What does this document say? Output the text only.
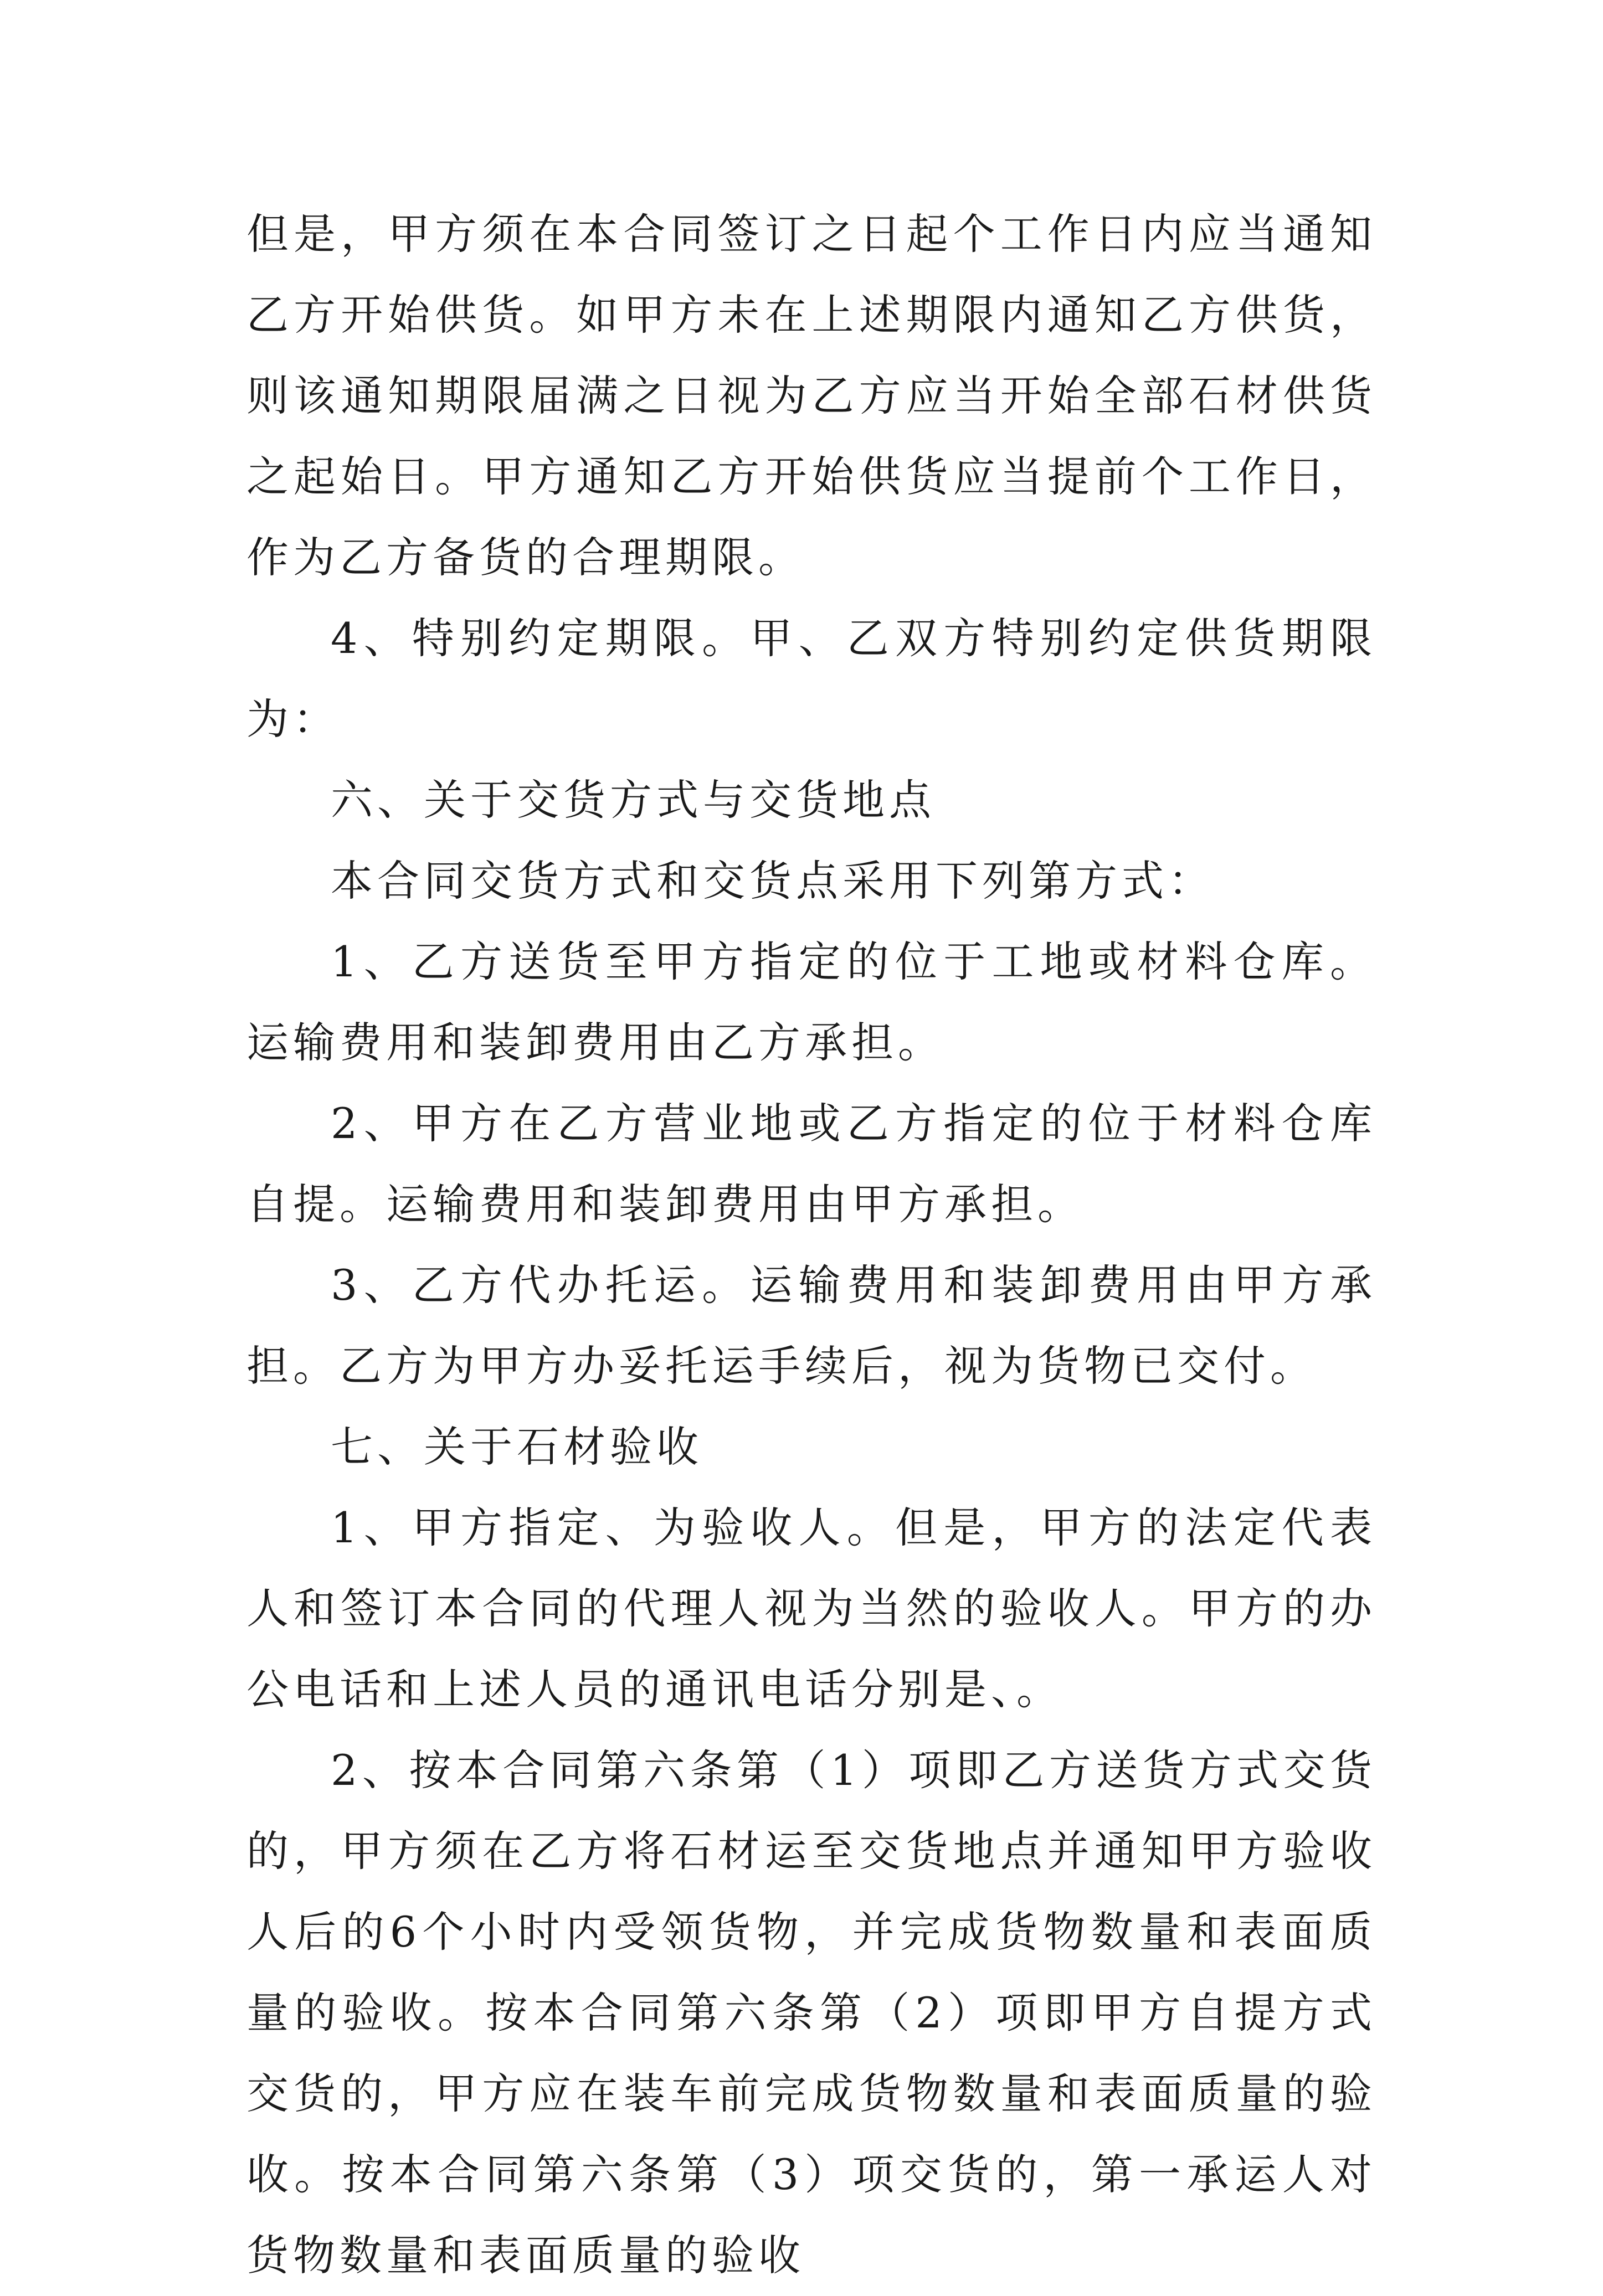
但是，甲方须在本合同签订之日起个工作日内应当通知乙方开始供货。如甲方未在上述期限内通知乙方供货，则该通知期限届满之日视为乙方应当开始全部石材供货之起始日。甲方通知乙方开始供货应当提前个工作日，作为乙方备货的合理期限。

4、特别约定期限。甲、乙双方特别约定供货期限为：

六、关于交货方式与交货地点

本合同交货方式和交货点采用下列第方式：

1、乙方送货至甲方指定的位于工地或材料仓库。运输费用和装卸费用由乙方承担。

2、甲方在乙方营业地或乙方指定的位于材料仓库自提。运输费用和装卸费用由甲方承担。

3、乙方代办托运。运输费用和装卸费用由甲方承担。乙方为甲方办妥托运手续后，视为货物已交付。

七、关于石材验收

1、甲方指定、为验收人。但是，甲方的法定代表人和签订本合同的代理人视为当然的验收人。甲方的办公电话和上述人员的通讯电话分别是、。

2、按本合同第六条第（1）项即乙方送货方式交货的，甲方须在乙方将石材运至交货地点并通知甲方验收人后的6个小时内受领货物，并完成货物数量和表面质量的验收。按本合同第六条第（2）项即甲方自提方式交货的，甲方应在装车前完成货物数量和表面质量的验收。按本合同第六条第（3）项交货的，第一承运人对货物数量和表面质量的验收
